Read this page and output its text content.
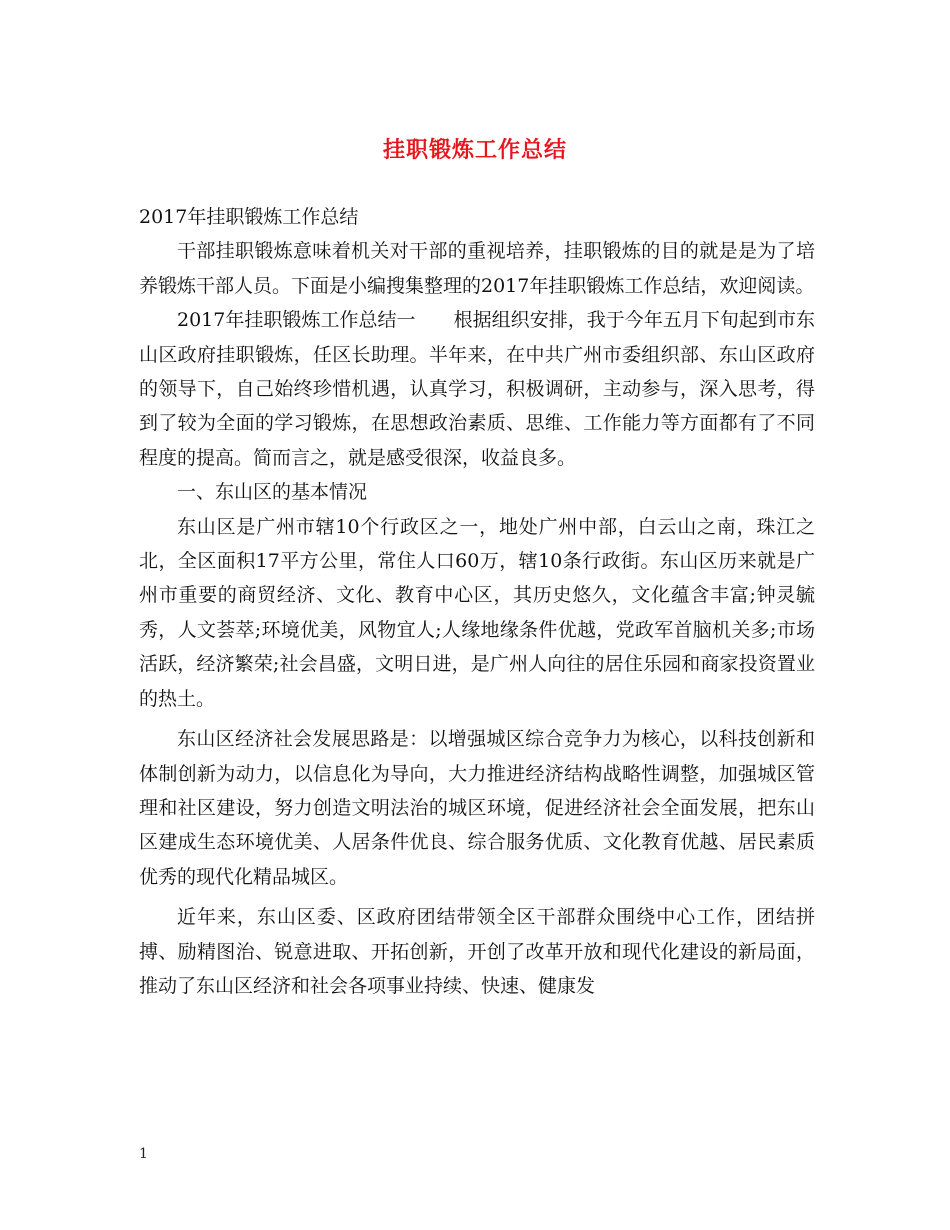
挂职锻炼工作总结

2017年挂职锻炼工作总结

干部挂职锻炼意味着机关对干部的重视培养，挂职锻炼的目的就是是为了培养锻炼干部人员。下面是小编搜集整理的2017年挂职锻炼工作总结，欢迎阅读。

2017年挂职锻炼工作总结一　　根据组织安排，我于今年五月下旬起到市东山区政府挂职锻炼，任区长助理。半年来，在中共广州市委组织部、东山区政府的领导下，自己始终珍惜机遇，认真学习，积极调研，主动参与，深入思考，得到了较为全面的学习锻炼，在思想政治素质、思维、工作能力等方面都有了不同程度的提高。简而言之，就是感受很深，收益良多。

一、东山区的基本情况

东山区是广州市辖10个行政区之一，地处广州中部，白云山之南，珠江之北，全区面积17平方公里，常住人口60万，辖10条行政街。东山区历来就是广州市重要的商贸经济、文化、教育中心区，其历史悠久，文化蕴含丰富;钟灵毓秀，人文荟萃;环境优美，风物宜人;人缘地缘条件优越，党政军首脑机关多;市场活跃，经济繁荣;社会昌盛，文明日进，是广州人向往的居住乐园和商家投资置业的热土。

东山区经济社会发展思路是：以增强城区综合竞争力为核心，以科技创新和体制创新为动力，以信息化为导向，大力推进经济结构战略性调整，加强城区管理和社区建设，努力创造文明法治的城区环境，促进经济社会全面发展，把东山区建成生态环境优美、人居条件优良、综合服务优质、文化教育优越、居民素质优秀的现代化精品城区。

近年来，东山区委、区政府团结带领全区干部群众围绕中心工作，团结拼搏、励精图治、锐意进取、开拓创新，开创了改革开放和现代化建设的新局面，推动了东山区经济和社会各项事业持续、快速、健康发

1
